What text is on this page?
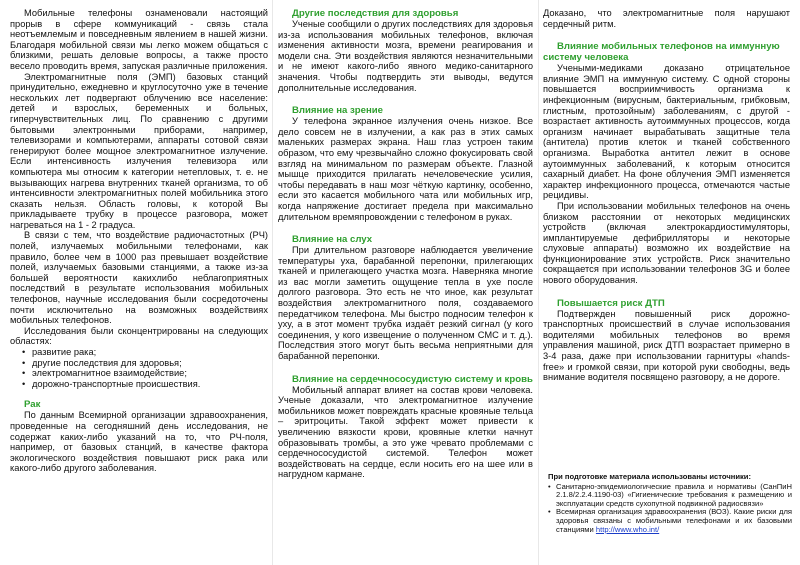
Мобильные телефоны ознаменовали настоящий прорыв в сфере коммуникаций - связь стала неотъемлемым и повседневным явлением в нашей жизни. Благодаря мобильной связи мы легко можем общаться с близкими, решать деловые вопросы, а также просто весело проводить время, запуская различные приложения.

Электромагнитные поля (ЭМП) базовых станций принудительно, ежедневно и круглосуточно уже в течение нескольких лет подвергают облучению все население: детей и взрослых, беременных и больных, гиперчувствительных лиц. По сравнению с другими бытовыми электронными приборами, например, телевизорами и компьютерами, аппараты сотовой связи генерируют более мощное электромагнитное излучение. Если интенсивность излучения телевизора или компьютера мы относим к категории нетепловых, т. е. не вызывающих нагрева внутренних тканей организма, то об интенсивности электромагнитных полей мобильника этого сказать нельзя. Область головы, к которой Вы прикладываете трубку в процессе разговора, может нагреваться на 1 - 2 градуса.

В связи с тем, что воздействие радиочастотных (РЧ) полей, излучаемых мобильными телефонами, как правило, более чем в 1000 раз превышает воздействие полей, излучаемых базовыми станциями, а также из-за большей вероятности какихлибо неблагоприятных последствий в результате использования мобильных телефонов, научные исследования были сосредоточены почти исключительно на возможных воздействиях мобильных телефонов.

Исследования были сконцентрированы на следующих областях:

• развитие рака;
• другие последствия для здоровья;
• электромагнитное взаимодействие;
• дорожно-транспортные происшествия.
Рак

По данным Всемирной организации здравоохранения, проведенные на сегодняшний день исследования, не содержат каких-либо указаний на то, что РЧ-поля, например, от базовых станций, в качестве фактора экологического воздействия повышают риск рака или какого-либо другого заболевания.

Другие последствия для здоровья

Ученые сообщили о других последствиях для здоровья из-за использования мобильных телефонов, включая изменения активности мозга, времени реагирования и модели сна. Эти воздействия являются незначительными и не имеют какого-либо явного медико-санитарного значения. Чтобы подтвердить эти выводы, ведутся дополнительные исследования.

Влияние на зрение

У телефона экранное излучения очень низкое. Все дело совсем не в излучении, а как раз в этих самых маленьких размерах экрана. Наш глаз устроен таким образом, что ему чрезвычайно сложно фокусировать свой взгляд на минимальном по размерам объекте. Глазной мышце приходится прилагать нечеловеческие усилия, чтобы передавать в наш мозг чёткую картинку, особенно, если это касается мобильного чата или мобильных игр, когда напряжение достигает предела при максимально длительном времяпровождении с телефоном в руках.

Влияние на слух

При длительном разговоре наблюдается увеличение температуры уха, барабанной перепонки, прилегающих тканей и прилегающего участка мозга. Наверняка многие из вас могли заметить ощущение тепла в ухе после долгого разговора. Это есть не что иное, как результат воздействия электромагнитного поля, создаваемого передатчиком телефона. Мы быстро подносим телефон к уху, а в этот момент трубка издаёт резкий сигнал (у кого соединения, у кого извещение о полученном СМС и т. д.). Последствия этого могут быть весьма неприятными для барабанной перепонки.

Влияние на сердечнососудистую систему и кровь

Мобильный аппарат влияет на состав крови человека. Ученые доказали, что электромагнитное излучение мобильников может повреждать красные кровяные тельца – эритроциты. Такой эффект может привести к увеличению вязкости крови, кровяные клетки начнут образовывать тромбы, а это уже чревато проблемами с сердечнососудистой системой. Телефон может воздействовать на сердце, если носить его на шее или в нагрудном кармане.

Доказано, что электромагнитные поля нарушают сердечный ритм.

Влияние мобильных телефонов на иммунную систему человека

Учеными-медиками доказано отрицательное влияние ЭМП на иммунную систему. С одной стороны повышается восприимчивость организма к инфекционным (вирусным, бактериальным, грибковым, глистным, протозойным) заболеваниям, с другой - возрастает активность аутоиммунных процессов, когда организм начинает вырабатывать защитные тела (антитела) против клеток и тканей собственного организма. Выработка антител лежит в основе аутоиммунных заболеваний, к которым относится сахарный диабет. На фоне облучения ЭМП изменяется характер инфекционного процесса, отмечаются частые рецидивы.

При использовании мобильных телефонов на очень близком расстоянии от некоторых медицинских устройств (включая электрокардиостимуляторы, имплантируемые дефибрилляторы и некоторые слуховые аппараты) возможно их воздействие на функционирование этих устройств. Риск значительно сокращается при использовании телефонов 3G и более нового оборудования.

Повышается риск ДТП

Подтвержден повышенный риск дорожно-транспортных происшествий в случае использования водителями мобильных телефонов во время управления машиной, риск ДТП возрастает примерно в 3-4 раза, даже при использовании гарнитуры «hands-free» и громкой связи, при которой руки свободны, ведь внимание водителя посвящено разговору, а не дороге.

При подготовке материала использованы источники:
• Санитарно-эпидемиологические правила и нормативы (СанПиН 2.1.8/2.2.4.1190-03) «Гигиенические требования к размещению и эксплуатации средств сухопутной подвижной радиосвязи»
• Всемирная организация здравоохранения (ВОЗ). Какие риски для здоровья связаны с мобильными телефонами и их базовыми станциями http://www.who.int/
